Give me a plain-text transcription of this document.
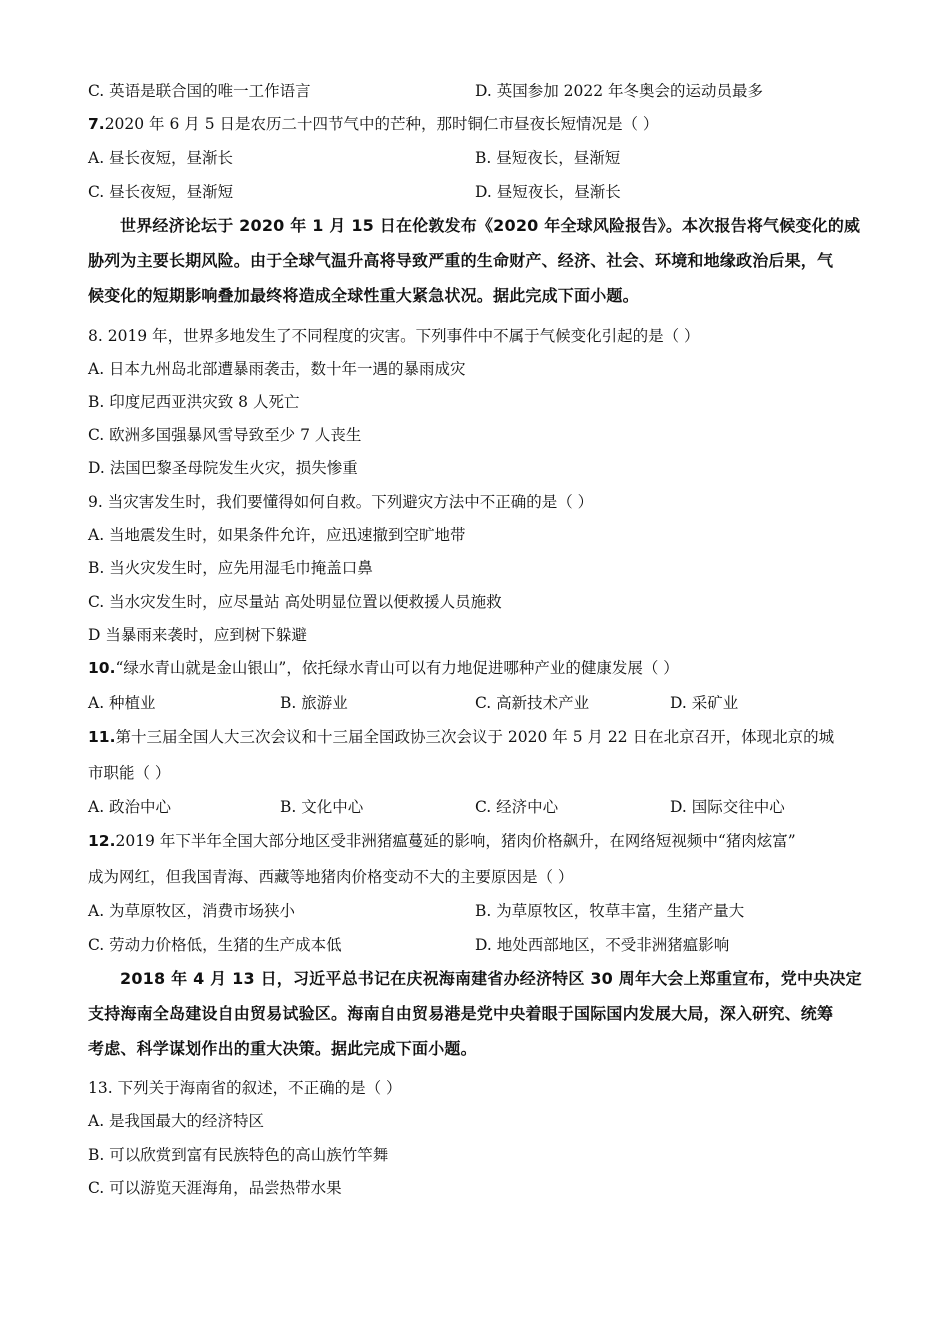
C. 英语是联合国的唯一工作语言	D. 英国参加 2022 年冬奥会的运动员最多
7.2020 年 6 月 5 日是农历二十四节气中的芒种，那时铜仁市昼夜长短情况是（ ）
A. 昼长夜短，昼渐长	B. 昼短夜长，昼渐短
C. 昼长夜短，昼渐短	D. 昼短夜长，昼渐长
世界经济论坛于 2020 年 1 月 15 日在伦敦发布《2020 年全球风险报告》。本次报告将气候变化的威
胁列为主要长期风险。由于全球气温升高将导致严重的生命财产、经济、社会、环境和地缘政治后果，气
候变化的短期影响叠加最终将造成全球性重大紧急状况。据此完成下面小题。
8. 2019 年，世界多地发生了不同程度的灾害。下列事件中不属于气候变化引起的是（ ）
A. 日本九州岛北部遭暴雨袭击，数十年一遇的暴雨成灾
B. 印度尼西亚洪灾致 8 人死亡
C. 欧洲多国强暴风雪导致至少 7 人丧生
D. 法国巴黎圣母院发生火灾，损失惨重
9. 当灾害发生时，我们要懂得如何自救。下列避灾方法中不正确的是（ ）
A. 当地震发生时，如果条件允许，应迅速撤到空旷地带
B. 当火灾发生时，应先用湿毛巾掩盖口鼻
C. 当水灾发生时，应尽量站 高处明显位置以便救援人员施救
D 当暴雨来袭时，应到树下躲避
10.“绿水青山就是金山银山”，依托绿水青山可以有力地促进哪种产业的健康发展（ ）
A. 种植业	B. 旅游业	C. 高新技术产业	D. 采矿业
11.第十三届全国人大三次会议和十三届全国政协三次会议于 2020 年 5 月 22 日在北京召开，体现北京的城
市职能（ ）
A. 政治中心	B. 文化中心	C. 经济中心	D. 国际交往中心
12.2019 年下半年全国大部分地区受非洲猪瘟蔓延的影响，猪肉价格飙升，在网络短视频中“猪肉炫富”
成为网红，但我国青海、西藏等地猪肉价格变动不大的主要原因是（ ）
A. 为草原牧区，消费市场狭小	B. 为草原牧区，牧草丰富，生猪产量大
C. 劳动力价格低，生猪的生产成本低	D. 地处西部地区，不受非洲猪瘟影响
2018 年 4 月 13 日，习近平总书记在庆祝海南建省办经济特区 30 周年大会上郑重宣布，党中央决定
支持海南全岛建设自由贸易试验区。海南自由贸易港是党中央着眼于国际国内发展大局，深入研究、统筹
考虑、科学谋划作出的重大决策。据此完成下面小题。
13. 下列关于海南省的叙述，不正确的是（ ）
A. 是我国最大的经济特区
B. 可以欣赏到富有民族特色的高山族竹竿舞
C. 可以游览天涯海角，品尝热带水果
